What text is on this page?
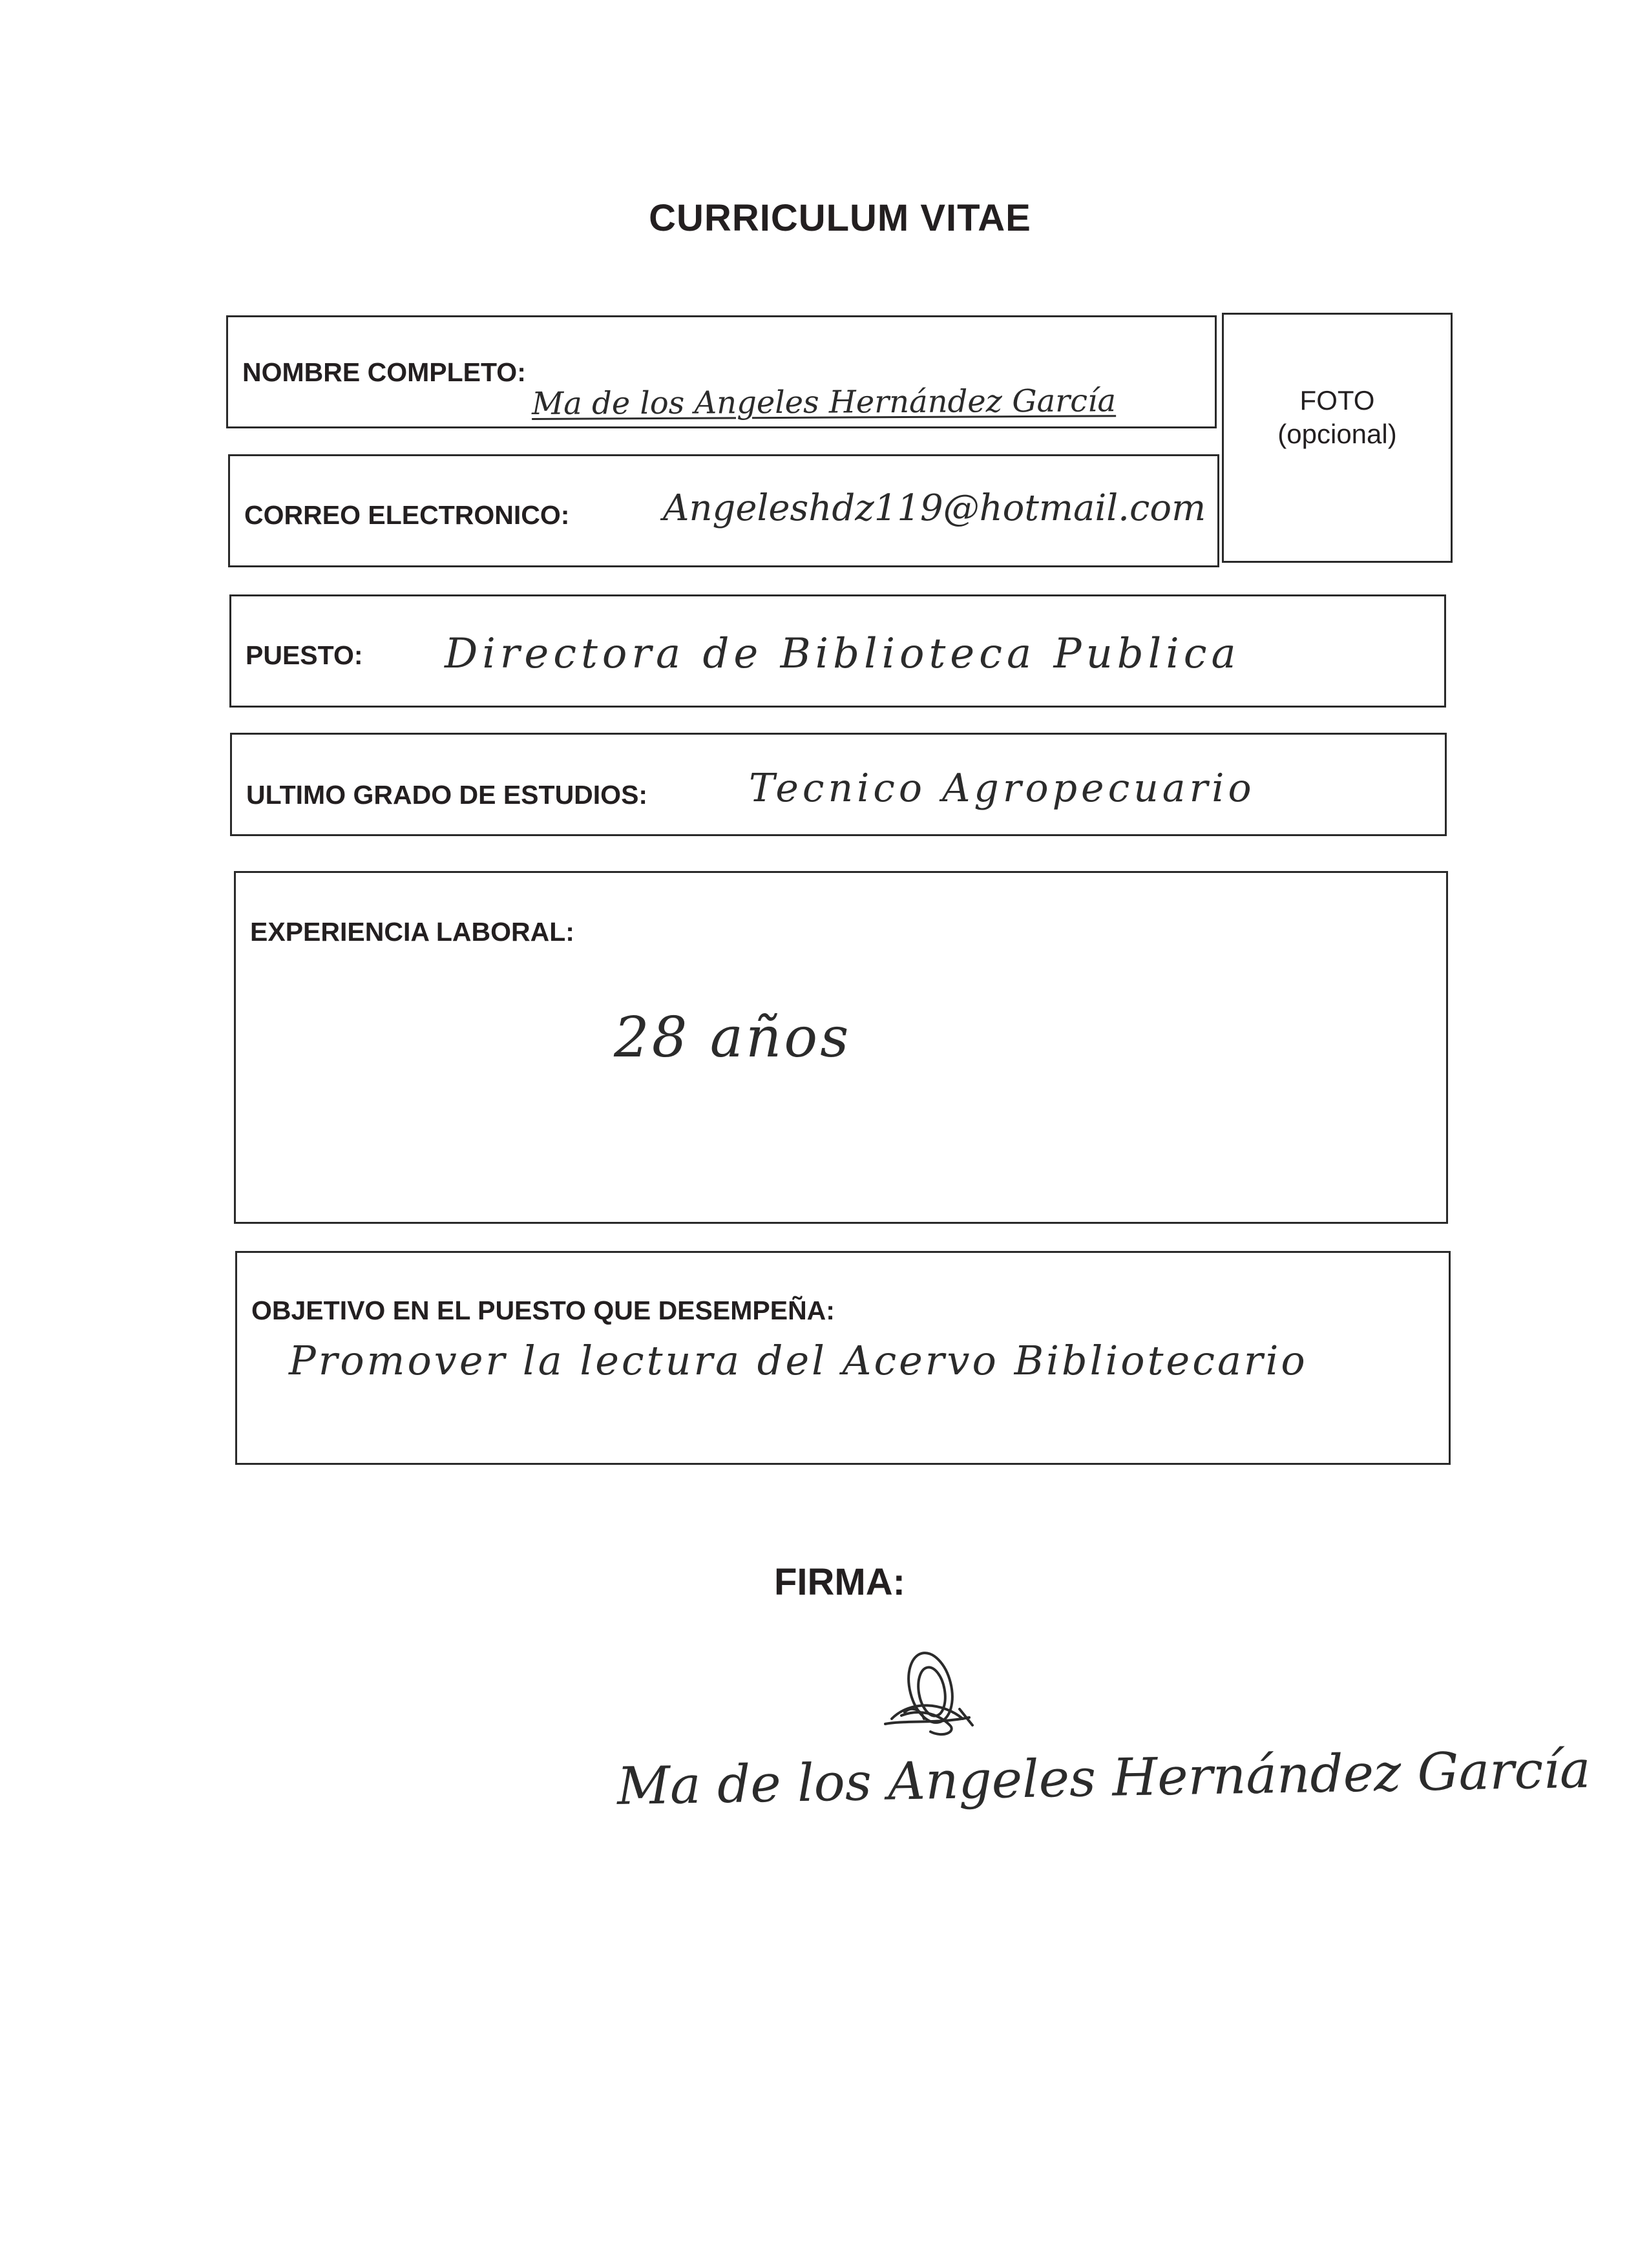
CURRICULUM VITAE
NOMBRE COMPLETO:
Ma de los Angeles Hernández García	FOTO
(opcional)
CORREO ELECTRONICO:	Angeleshdz119@hotmail.com
PUESTO: Directora de Biblioteca Publica
ULTIMO GRADO DE ESTUDIOS:	Tecnico Agropecuario
EXPERIENCIA LABORAL:
28 años
OBJETIVO EN EL PUESTO QUE DESEMPEÑA:
Promover la lectura del Acervo Bibliotecario
FIRMA:
Ma de los Angeles Hernández García
